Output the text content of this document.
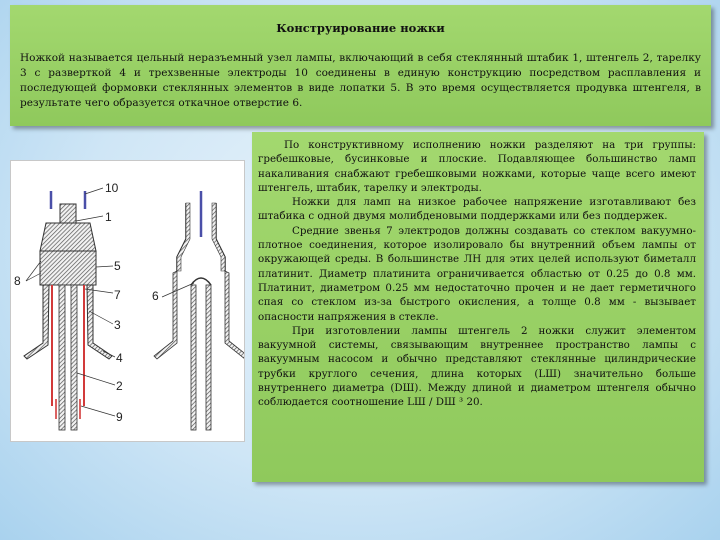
Конструирование ножки

Ножкой называется цельный неразъемный узел лампы, включающий в себя стеклянный штабик 1, штенгель 2, тарелку 3 с разверткой 4 и трехзвенные электроды 10 соединены в единую конструкцию посредством расплавления и последующей формовки стеклянных элементов в виде лопатки 5. В это время осуществляется продувка штенгеля, в результате чего образуется откачное отверстие 6.

10
1
8
5
7
3
4
2
9
6

По конструктивному исполнению ножки разделяют на три группы: гребешковые, бусинковые и плоские. Подавляющее большинство ламп накаливания снабжают гребешковыми ножками, которые чаще всего имеют штенгель, штабик, тарелку и электроды.

Ножки для ламп на низкое рабочее напряжение изготавливают без штабика с одной двумя молибденовыми поддержками или без поддержек.

Средние звенья 7 электродов должны создавать со стеклом вакуумно-плотное соединения, которое изолировало бы внутренний объем лампы от окружающей среды. В большинстве ЛН для этих целей используют биметалл платинит. Диаметр платинита ограничивается областью от 0.25 до 0.8 мм. Платинит, диаметром 0.25 мм недостаточно прочен и не дает герметичного спая со стеклом из-за быстрого окисления, а толще 0.8 мм - вызывает опасности напряжения в стекле.

При изготовлении лампы штенгель 2 ножки служит элементом вакуумной системы, связывающим внутреннее пространство лампы с вакуумным насосом и обычно представляют стеклянные цилиндрические трубки круглого сечения, длина которых (LШ) значительно больше внутреннего диаметра (DШ). Между длиной и диаметром штенгеля обычно соблюдается соотношение LШ / DШ ³ 20.
